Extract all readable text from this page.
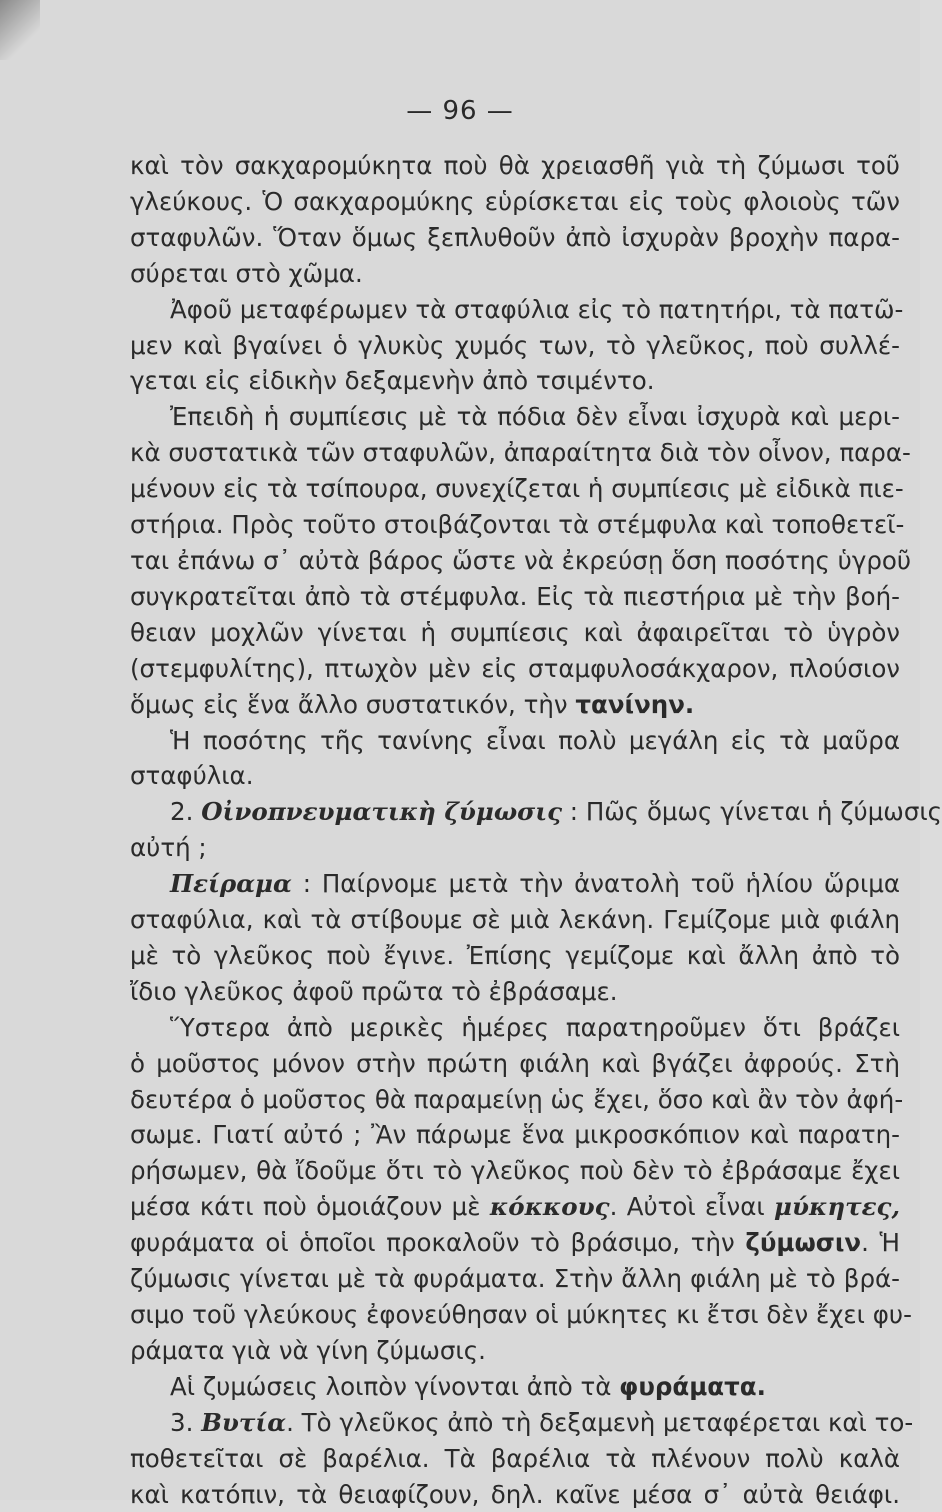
— 96 —
καὶ τὸν σακχαρομύκητα ποὺ θὰ χρειασθῆ γιὰ τὴ ζύμωσι τοῦ
γλεύκους. Ὁ σακχαρομύκης εὑρίσκεται εἰς τοὺς φλοιοὺς τῶν
σταφυλῶν. Ὅταν ὅμως ξεπλυθοῦν ἀπὸ ἰσχυρὰν βροχὴν παρα-
σύρεται στὸ χῶμα.
Ἀφοῦ μεταφέρωμεν τὰ σταφύλια εἰς τὸ πατητήρι, τὰ πατῶ-
μεν καὶ βγαίνει ὁ γλυκὺς χυμός των, τὸ γλεῦκος, ποὺ συλλέ-
γεται εἰς εἰδικὴν δεξαμενὴν ἀπὸ τσιμέντο.
Ἐπειδὴ ἡ συμπίεσις μὲ τὰ πόδια δὲν εἶναι ἰσχυρὰ καὶ μερι-
κὰ συστατικὰ τῶν σταφυλῶν, ἀπαραίτητα διὰ τὸν οἶνον, παρα-
μένουν εἰς τὰ τσίπουρα, συνεχίζεται ἡ συμπίεσις μὲ εἰδικὰ πιε-
στήρια. Πρὸς τοῦτο στοιβάζονται τὰ στέμφυλα καὶ τοποθετεῖ-
ται ἐπάνω σ᾽ αὐτὰ βάρος ὥστε νὰ ἐκρεύσῃ ὅση ποσότης ὑγροῦ
συγκρατεῖται ἀπὸ τὰ στέμφυλα. Εἰς τὰ πιεστήρια μὲ τὴν βοή-
θειαν μοχλῶν γίνεται ἡ συμπίεσις καὶ ἀφαιρεῖται τὸ ὑγρὸν
(στεμφυλίτης), πτωχὸν μὲν εἰς σταμφυλοσάκχαρον, πλούσιον
ὅμως εἰς ἕνα ἄλλο συστατικόν, τὴν τανίνην.
Ἡ ποσότης τῆς τανίνης εἶναι πολὺ μεγάλη εἰς τὰ μαῦρα
σταφύλια.
2. Οἰνοπνευματικὴ ζύμωσις : Πῶς ὅμως γίνεται ἡ ζύμωσις
αὐτή ;
Πείραμα : Παίρνομε μετὰ τὴν ἀνατολὴ τοῦ ἡλίου ὥριμα
σταφύλια, καὶ τὰ στίβουμε σὲ μιὰ λεκάνη. Γεμίζομε μιὰ φιάλη
μὲ τὸ γλεῦκος ποὺ ἔγινε. Ἐπίσης γεμίζομε καὶ ἄλλη ἀπὸ τὸ
ἴδιο γλεῦκος ἀφοῦ πρῶτα τὸ ἐβράσαμε.
Ὕστερα ἀπὸ μερικὲς ἡμέρες παρατηροῦμεν ὅτι βράζει
ὁ μοῦστος μόνον στὴν πρώτη φιάλη καὶ βγάζει ἀφρούς. Στὴ
δευτέρα ὁ μοῦστος θὰ παραμείνῃ ὡς ἔχει, ὅσο καὶ ἂν τὸν ἀφή-
σωμε. Γιατί αὐτό ; Ἂν πάρωμε ἕνα μικροσκόπιον καὶ παρατη-
ρήσωμεν, θὰ ἴδοῦμε ὅτι τὸ γλεῦκος ποὺ δὲν τὸ ἐβράσαμε ἔχει
μέσα κάτι ποὺ ὁμοιάζουν μὲ κόκκους. Αὐτοὶ εἶναι μύκητες,
φυράματα οἱ ὁποῖοι προκαλοῦν τὸ βράσιμο, τὴν ζύμωσιν. Ἡ
ζύμωσις γίνεται μὲ τὰ φυράματα. Στὴν ἄλλη φιάλη μὲ τὸ βρά-
σιμο τοῦ γλεύκους ἐφονεύθησαν οἱ μύκητες κι ἔτσι δὲν ἔχει φυ-
ράματα γιὰ νὰ γίνη ζύμωσις.
Αἱ ζυμώσεις λοιπὸν γίνονται ἀπὸ τὰ φυράματα.
3. Βυτία. Τὸ γλεῦκος ἀπὸ τὴ δεξαμενὴ μεταφέρεται καὶ το-
ποθετεῖται σὲ βαρέλια. Τὰ βαρέλια τὰ πλένουν πολὺ καλὰ
καὶ κατόπιν, τὰ θειαφίζουν, δηλ. καῖνε μέσα σ᾽ αὐτὰ θειάφι.
